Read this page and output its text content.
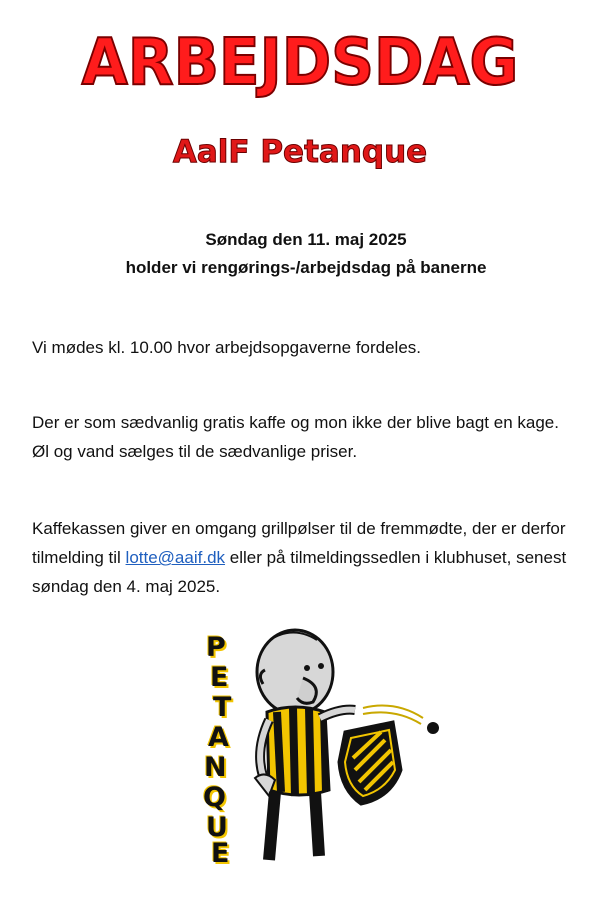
ARBEJDSDAG
AalF Petanque
Søndag den 11. maj 2025
holder vi rengørings-/arbejdsdag på banerne
Vi mødes kl. 10.00 hvor arbejdsopgaverne fordeles.
Der er som sædvanlig gratis kaffe og mon ikke der blive bagt en kage. Øl og vand sælges til de sædvanlige priser.
Kaffekassen giver en omgang grillpølser til de fremmødte, der er derfor tilmelding til lotte@aaif.dk eller på tilmeldingssedlen i klubhuset, senest søndag den 4. maj 2025.
P
E
T
A
N
Q
U
E
